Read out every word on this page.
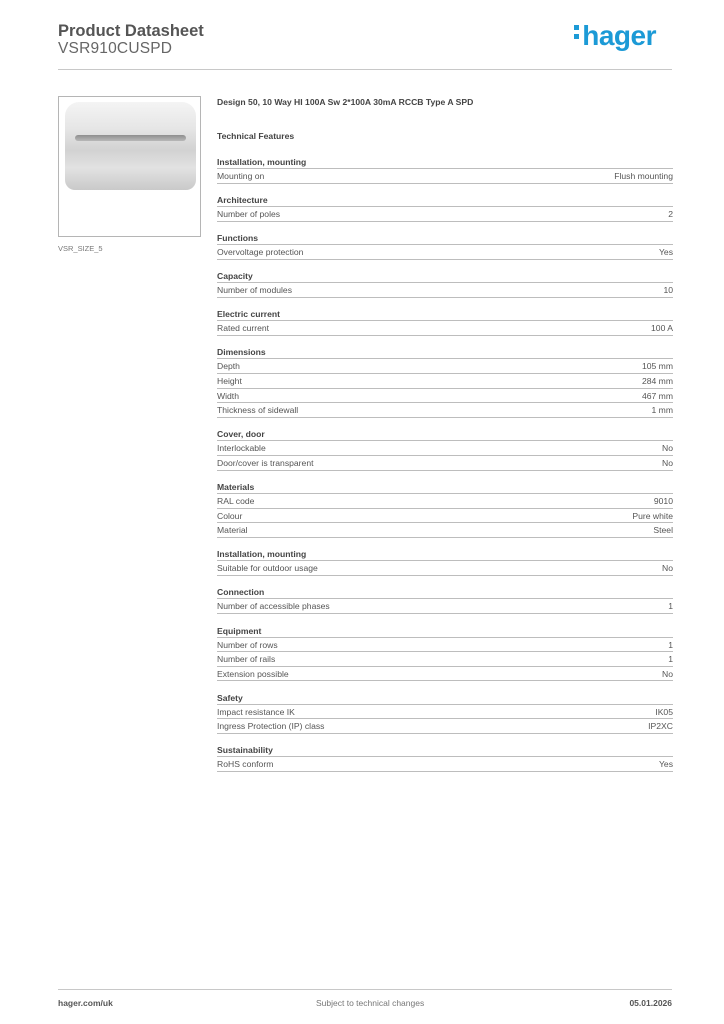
Product Datasheet
VSR910CUSPD	hager
VSR_SIZE_5
Design 50, 10 Way HI 100A Sw 2*100A 30mA RCCB Type A SPD
Technical Features
Installation, mounting
Mounting on	Flush mounting
Architecture
Number of poles	2
Functions
Overvoltage protection	Yes
Capacity
Number of modules	10
Electric current
Rated current	100 A
Dimensions
Depth	105 mm
Height	284 mm
Width	467 mm
Thickness of sidewall	1 mm
Cover, door
Interlockable	No
Door/cover is transparent	No
Materials
RAL code	9010
Colour	Pure white
Material	Steel
Installation, mounting
Suitable for outdoor usage	No
Connection
Number of accessible phases	1
Equipment
Number of rows	1
Number of rails	1
Extension possible	No
Safety
Impact resistance IK	IK05
Ingress Protection (IP) class	IP2XC
Sustainability
RoHS conform	Yes
hager.com/uk	Subject to technical changes	05.01.2026
